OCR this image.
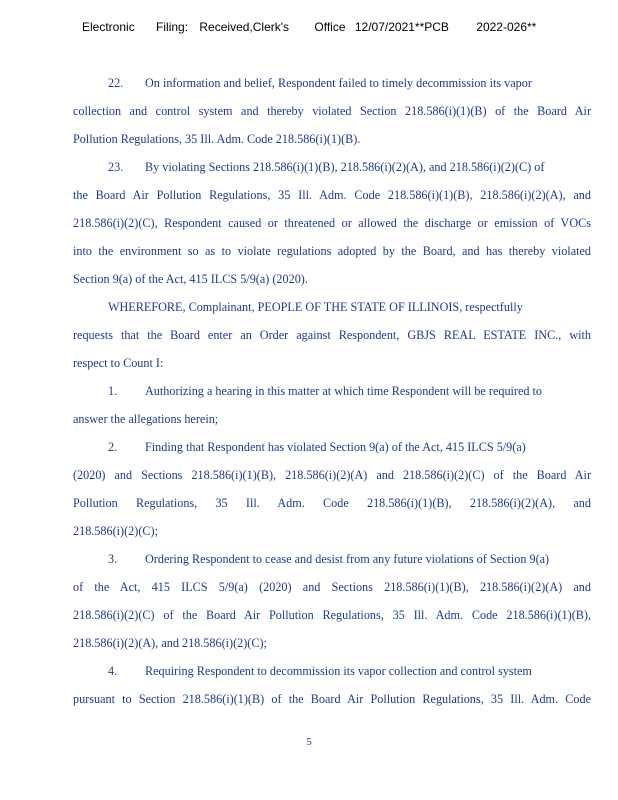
Electronic Filing: Received,Clerk's Office 12/07/2021**PCB 2022-026**
22. On information and belief, Respondent failed to timely decommission its vapor
collection and control system and thereby violated Section 218.586(i)(1)(B) of the Board Air
Pollution Regulations, 35 Ill. Adm. Code 218.586(i)(1)(B).
23. By violating Sections 218.586(i)(1)(B), 218.586(i)(2)(A), and 218.586(i)(2)(C) of
the Board Air Pollution Regulations, 35 Ill. Adm. Code 218.586(i)(1)(B), 218.586(i)(2)(A), and
218.586(i)(2)(C), Respondent caused or threatened or allowed the discharge or emission of VOCs
into the environment so as to violate regulations adopted by the Board, and has thereby violated
Section 9(a) of the Act, 415 ILCS 5/9(a) (2020).
WHEREFORE, Complainant, PEOPLE OF THE STATE OF ILLINOIS, respectfully
requests that the Board enter an Order against Respondent, GBJS REAL ESTATE INC., with
respect to Count I:
1. Authorizing a hearing in this matter at which time Respondent will be required to
answer the allegations herein;
2. Finding that Respondent has violated Section 9(a) of the Act, 415 ILCS 5/9(a)
(2020) and Sections 218.586(i)(1)(B), 218.586(i)(2)(A) and 218.586(i)(2)(C) of the Board Air
Pollution Regulations, 35 Ill. Adm. Code 218.586(i)(1)(B), 218.586(i)(2)(A), and
218.586(i)(2)(C);
3. Ordering Respondent to cease and desist from any future violations of Section 9(a)
of the Act, 415 ILCS 5/9(a) (2020) and Sections 218.586(i)(1)(B), 218.586(i)(2)(A) and
218.586(i)(2)(C) of the Board Air Pollution Regulations, 35 Ill. Adm. Code 218.586(i)(1)(B),
218.586(i)(2)(A), and 218.586(i)(2)(C);
4. Requiring Respondent to decommission its vapor collection and control system
pursuant to Section 218.586(i)(1)(B) of the Board Air Pollution Regulations, 35 Ill. Adm. Code
5
